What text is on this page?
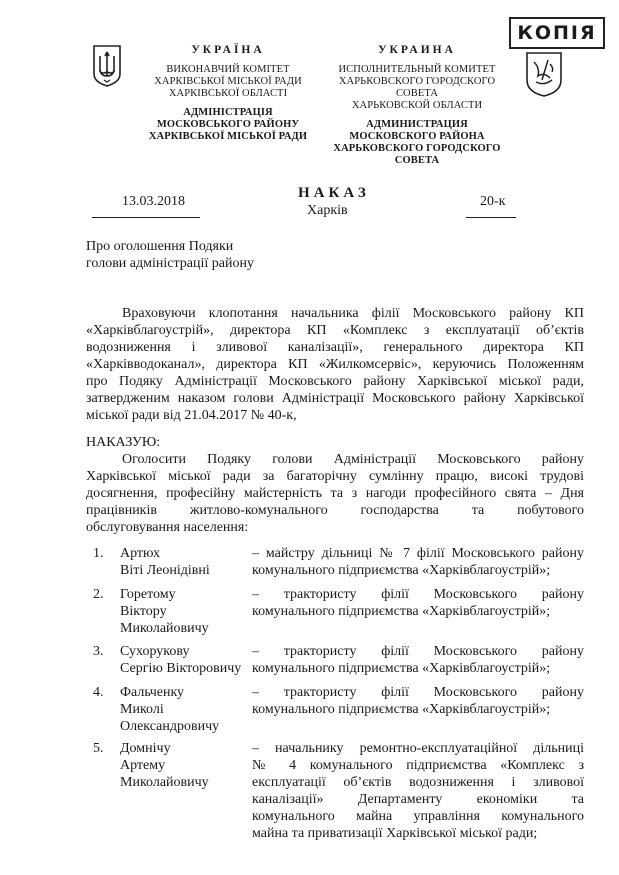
УКРАЇНА
ВИКОНАВЧИЙ КОМІТЕТ
ХАРКІВСЬКОЇ МІСЬКОЇ РАДИ
ХАРКІВСЬКОЇ ОБЛАСТІ
АДМІНІСТРАЦІЯ
МОСКОВСЬКОГО РАЙОНУ
ХАРКІВСЬКОЇ МІСЬКОЇ РАДИ
УКРАИНА
ИСПОЛНИТЕЛЬНЫЙ КОМИТЕТ
ХАРЬКОВСКОГО ГОРОДСКОГО СОВЕТА
ХАРЬКОВСКОЙ ОБЛАСТИ
АДМИНИСТРАЦИЯ
МОСКОВСКОГО РАЙОНА
ХАРЬКОВСКОГО ГОРОДСКОГО СОВЕТА
КОПІЯ
13.03.2018
НАКАЗ
Харків
20-к
Про оголошення Подяки
голови адміністрації району
Враховуючи клопотання начальника філії Московського району КП
«Харківблагоустрій», директора КП «Комплекс з експлуатації об’єктів
водозниження і зливової каналізації», генерального директора КП
«Харківводоканал», директора КП «Жилкомсервіс», керуючись Положенням
про Подяку Адміністрації Московського району Харківської міської ради,
затвердженим наказом голови Адміністрації Московського району Харківської
міської ради від 21.04.2017 № 40-к,
НАКАЗУЮ:
Оголосити Подяку голови Адміністрації Московського району
Харківської міської ради за багаторічну сумлінну працю, високі трудові
досягнення, професійну майстерність та з нагоди професійного свята – Дня
працівників житлово-комунального господарства та побутового
обслуговування населення:
1. Артюх
Віті Леонідівні
– майстру дільниці № 7 філії Московського району
комунального підприємства «Харківблагоустрій»;
2. Горетому
Віктору
Миколайовичу
– трактористу філії Московського району
комунального підприємства «Харківблагоустрій»;
3. Сухорукову
Сергію Вікторовичу
– трактористу філії Московського району
комунального підприємства «Харківблагоустрій»;
4. Фальченку
Миколі
Олександровичу
– трактористу філії Московського району
комунального підприємства «Харківблагоустрій»;
5. Домнічу
Артему
Миколайовичу
– начальнику ремонтно-експлуатаційної дільниці
№ 4 комунального підприємства «Комплекс з
експлуатації об’єктів водозниження і зливової
каналізації» Департаменту економіки та
комунального майна управління комунального
майна та приватизації Харківської міської ради;
